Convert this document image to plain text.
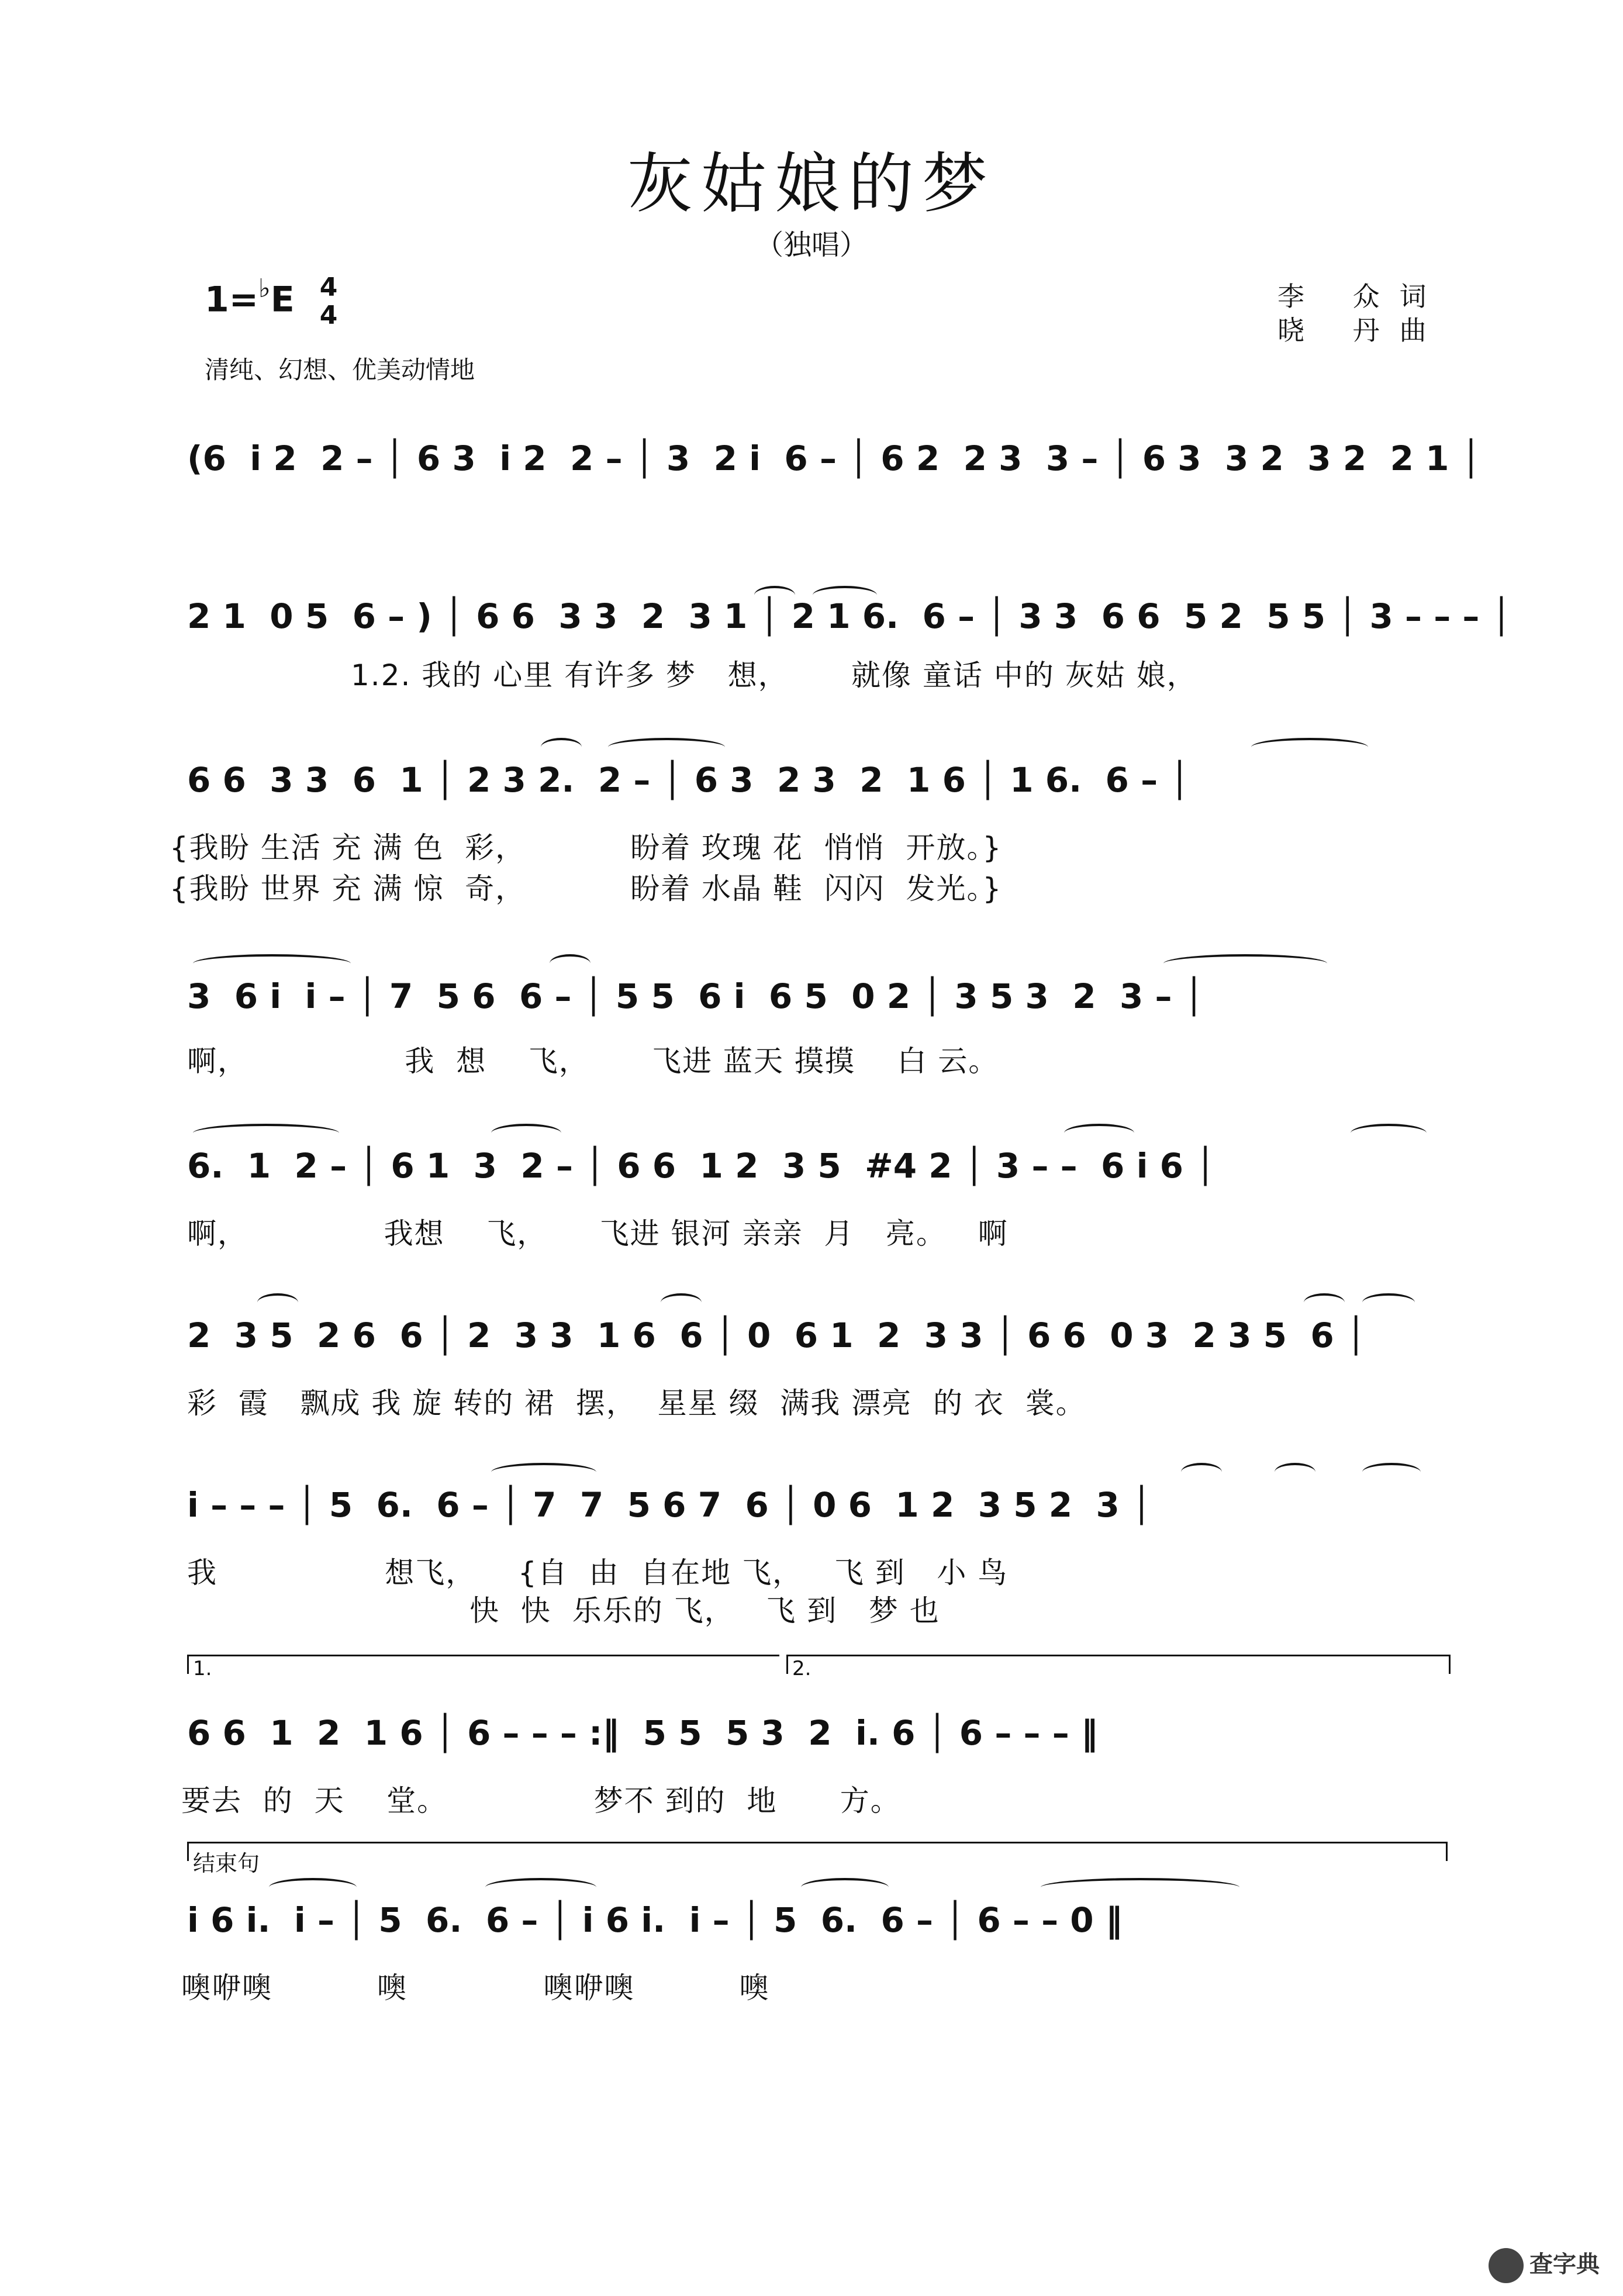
灰姑娘的梦
（独唱）
1=♭E 4
4
李 众词
晓 丹曲
清纯、幻想、优美动情地
(6  i 2  2 – │ 6 3  i 2  2 – │ 3  2 i  6 – │ 6 2  2 3  3 – │ 6 3  3 2  3 2  2 1 │
2 1  0 5  6 – ) │ 6 6  3 3  2  3 1 │ 2 1 6.  6 – │ 3 3  6 6  5 2  5 5 │ 3 – – – │
1.2. 我的 心里 有许多 梦   想，      就像 童话 中的 灰姑 娘，
6 6  3 3  6  1 │ 2 3 2.  2 – │ 6 3  2 3  2  1 6 │ 1 6.  6 – │
{我盼 生活 充 满 色  彩，          盼着 玫瑰 花  悄悄  开放。}
{我盼 世界 充 满 惊  奇，          盼着 水晶 鞋  闪闪  发光。}
3  6 i  i – │ 7  5 6  6 – │ 5 5  6 i  6 5  0 2 │ 3 5 3  2  3 – │
啊，               我  想    飞，      飞进 蓝天 摸摸    白 云。
6.  1  2 – │ 6 1  3  2 – │ 6 6  1 2  3 5  #4 2 │ 3 – –  6 i 6 │
啊，             我想    飞，     飞进 银河 亲亲  月   亮。   啊
2  3 5  2 6  6 │ 2  3 3  1 6  6 │ 0  6 1  2  3 3 │ 6 6  0 3  2 3 5  6 │
彩  霞   飘成 我 旋 转的 裙  摆，  星星 缀  满我 漂亮  的 衣  裳。
i – – – │ 5  6.  6 – │ 7  7  5 6 7  6 │ 0 6  1 2  3 5 2  3 │
我                想飞，    {自  由  自在地 飞，   飞 到   小 鸟
快  快  乐乐的 飞，   飞 到   梦 也
1.	2.
6 6  1  2  1 6 │ 6 – – – :‖  5 5  5 3  2  i. 6 │ 6 – – – ‖
要去  的  天    堂。              梦不 到的  地      方。
结束句
i 6 i.  i – │ 5  6.  6 – │ i 6 i.  i – │ 5  6.  6 – │ 6 – – 0 ‖
噢咿噢          噢             噢咿噢          噢
查字典
